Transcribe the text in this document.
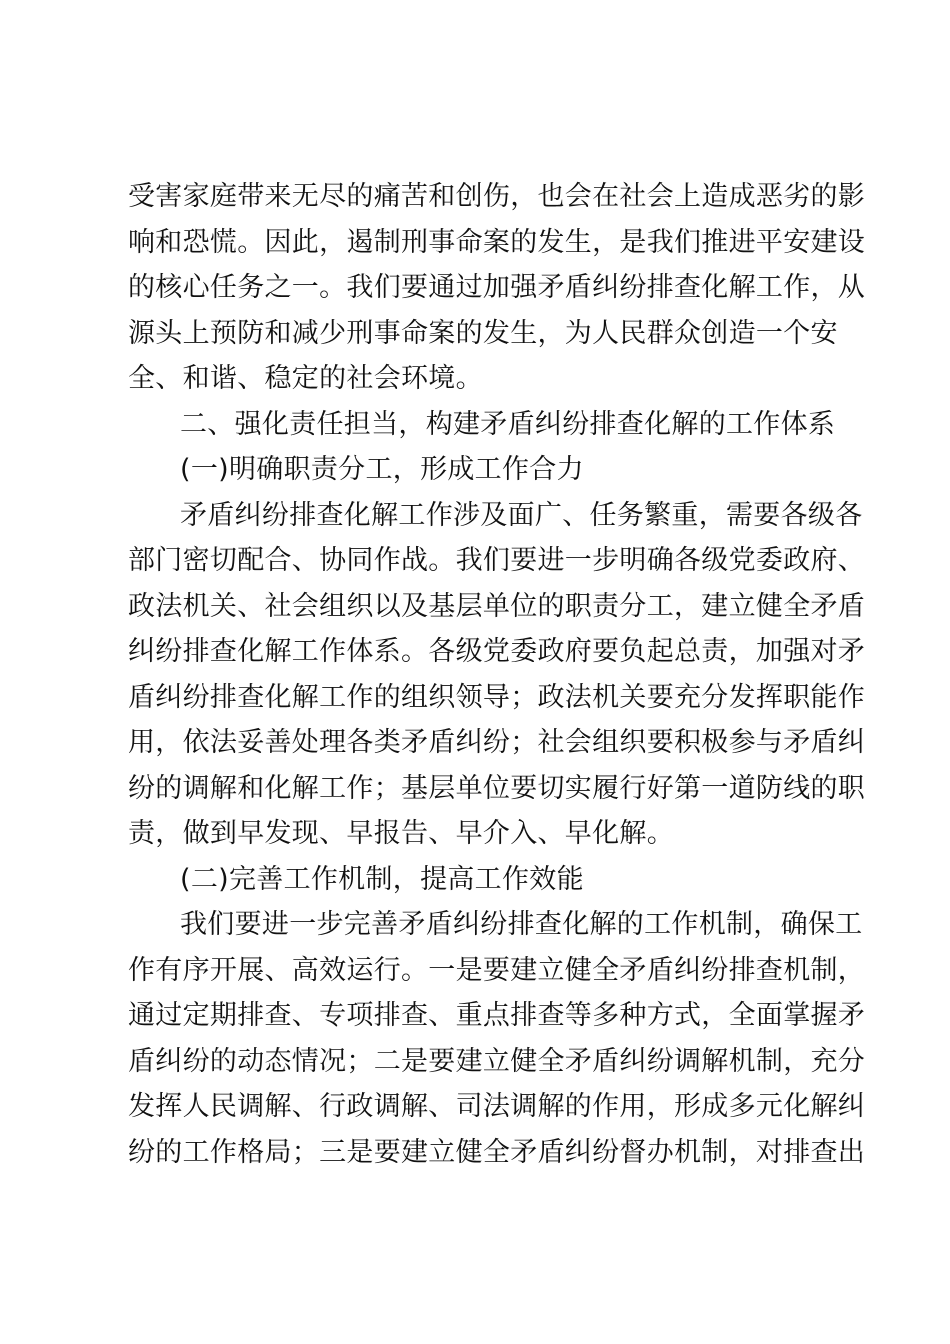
受害家庭带来无尽的痛苦和创伤，也会在社会上造成恶劣的影
响和恐慌。因此，遏制刑事命案的发生，是我们推进平安建设
的核心任务之一。我们要通过加强矛盾纠纷排查化解工作，从
源头上预防和减少刑事命案的发生，为人民群众创造一个安
全、和谐、稳定的社会环境。
二、强化责任担当，构建矛盾纠纷排查化解的工作体系
(一)明确职责分工，形成工作合力
矛盾纠纷排查化解工作涉及面广、任务繁重，需要各级各
部门密切配合、协同作战。我们要进一步明确各级党委政府、
政法机关、社会组织以及基层单位的职责分工，建立健全矛盾
纠纷排查化解工作体系。各级党委政府要负起总责，加强对矛
盾纠纷排查化解工作的组织领导；政法机关要充分发挥职能作
用，依法妥善处理各类矛盾纠纷；社会组织要积极参与矛盾纠
纷的调解和化解工作；基层单位要切实履行好第一道防线的职
责，做到早发现、早报告、早介入、早化解。
(二)完善工作机制，提高工作效能
我们要进一步完善矛盾纠纷排查化解的工作机制，确保工
作有序开展、高效运行。一是要建立健全矛盾纠纷排查机制，
通过定期排查、专项排查、重点排查等多种方式，全面掌握矛
盾纠纷的动态情况；二是要建立健全矛盾纠纷调解机制，充分
发挥人民调解、行政调解、司法调解的作用，形成多元化解纠
纷的工作格局；三是要建立健全矛盾纠纷督办机制，对排查出
